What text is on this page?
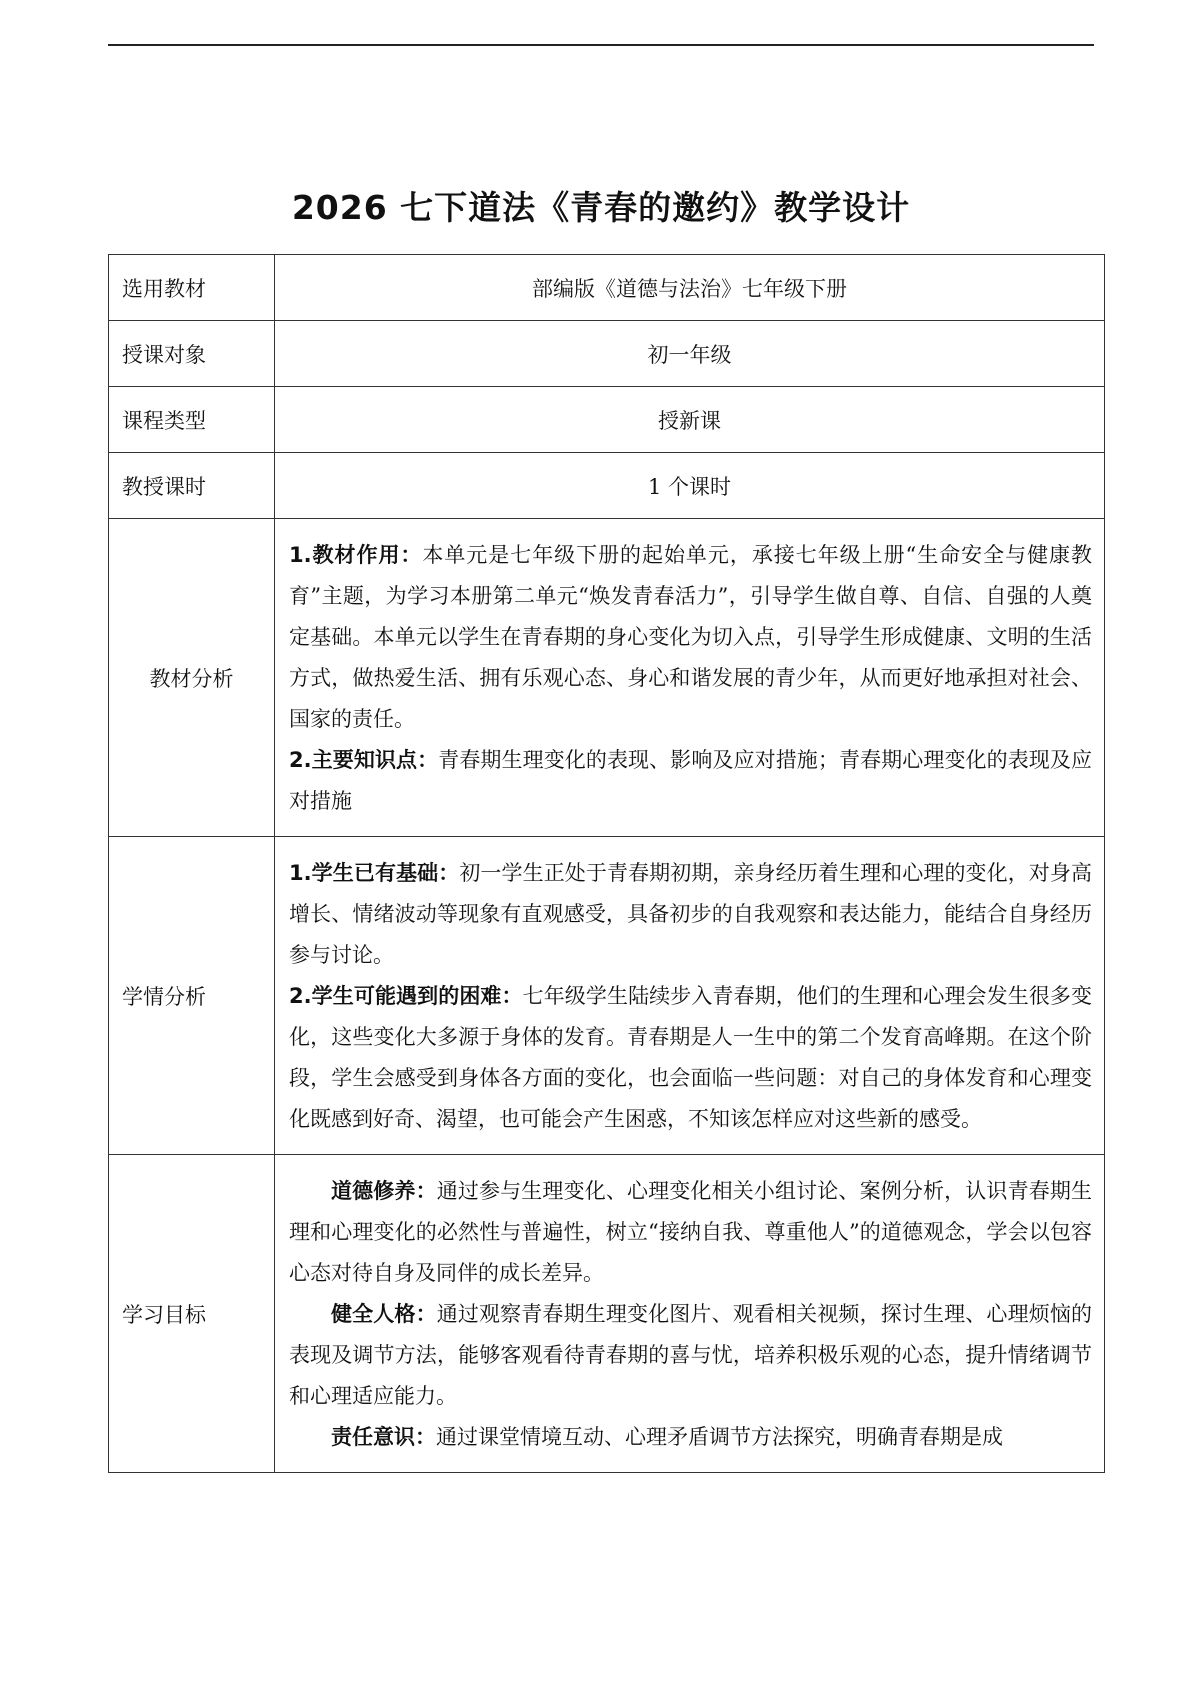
2026 七下道法《青春的邀约》教学设计
选用教材	部编版《道德与法治》七年级下册
授课对象	初一年级
课程类型	授新课
教授课时	1 个课时
教材分析	1.教材作用：本单元是七年级下册的起始单元，承接七年级上册“生命安全与健康教育”主题，为学习本册第二单元“焕发青春活力”，引导学生做自尊、自信、自强的人奠定基础。本单元以学生在青春期的身心变化为切入点，引导学生形成健康、文明的生活方式，做热爱生活、拥有乐观心态、身心和谐发展的青少年，从而更好地承担对社会、国家的责任。

2.主要知识点：青春期生理变化的表现、影响及应对措施；青春期心理变化的表现及应对措施

学情分析	1.学生已有基础：初一学生正处于青春期初期，亲身经历着生理和心理的变化，对身高增长、情绪波动等现象有直观感受，具备初步的自我观察和表达能力，能结合自身经历参与讨论。

2.学生可能遇到的困难：七年级学生陆续步入青春期，他们的生理和心理会发生很多变化，这些变化大多源于身体的发育。青春期是人一生中的第二个发育高峰期。在这个阶段，学生会感受到身体各方面的变化，也会面临一些问题：对自己的身体发育和心理变化既感到好奇、渴望，也可能会产生困惑，不知该怎样应对这些新的感受。

学习目标	道德修养：通过参与生理变化、心理变化相关小组讨论、案例分析，认识青春期生理和心理变化的必然性与普遍性，树立“接纳自我、尊重他人”的道德观念，学会以包容心态对待自身及同伴的成长差异。

健全人格：通过观察青春期生理变化图片、观看相关视频，探讨生理、心理烦恼的表现及调节方法，能够客观看待青春期的喜与忧，培养积极乐观的心态，提升情绪调节和心理适应能力。

责任意识：通过课堂情境互动、心理矛盾调节方法探究，明确青春期是成
